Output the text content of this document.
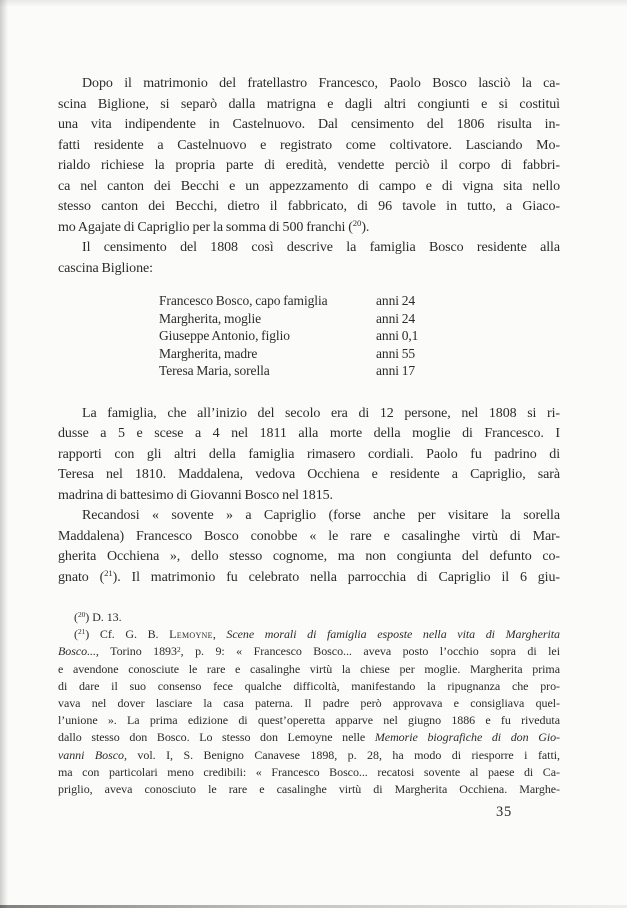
Dopo il matrimonio del fratellastro Francesco, Paolo Bosco lasciò la ca-
scina Biglione, si separò dalla matrigna e dagli altri congiunti e si costituì
una vita indipendente in Castelnuovo. Dal censimento del 1806 risulta in-
fatti residente a Castelnuovo e registrato come coltivatore. Lasciando Mo-
rialdo richiese la propria parte di eredità, vendette perciò il corpo di fabbri-
ca nel canton dei Becchi e un appezzamento di campo e di vigna sita nello
stesso canton dei Becchi, dietro il fabbricato, di 96 tavole in tutto, a Giaco-
mo Agajate di Capriglio per la somma di 500 franchi ($^{20}$).
Il censimento del 1808 così descrive la famiglia Bosco residente alla
cascina Biglione:
Francesco Bosco, capo famiglia	anni 24
Margherita, moglie	anni 24
Giuseppe Antonio, figlio	anni 0,1
Margherita, madre	anni 55
Teresa Maria, sorella	anni 17
La famiglia, che all’inizio del secolo era di 12 persone, nel 1808 si ri-
dusse a 5 e scese a 4 nel 1811 alla morte della moglie di Francesco. I
rapporti con gli altri della famiglia rimasero cordiali. Paolo fu padrino di
Teresa nel 1810. Maddalena, vedova Occhiena e residente a Capriglio, sarà
madrina di battesimo di Giovanni Bosco nel 1815.
Recandosi « sovente » a Capriglio (forse anche per visitare la sorella
Maddalena) Francesco Bosco conobbe « le rare e casalinghe virtù di Mar-
gherita Occhiena », dello stesso cognome, ma non congiunta del defunto co-
gnato ($^{21}$). Il matrimonio fu celebrato nella parrocchia di Capriglio il 6 giu-
($^{20}$) D. 13.
($^{21}$) Cf. G. B. Lemoyne, Scene morali di famiglia esposte nella vita di Margherita
Bosco..., Torino 1893$^2$, p. 9: « Francesco Bosco... aveva posto l’occhio sopra di lei
e avendone conosciute le rare e casalinghe virtù la chiese per moglie. Margherita prima
di dare il suo consenso fece qualche difficoltà, manifestando la ripugnanza che pro-
vava nel dover lasciare la casa paterna. Il padre però approvava e consigliava quel-
l’unione ». La prima edizione di quest’operetta apparve nel giugno 1886 e fu riveduta
dallo stesso don Bosco. Lo stesso don Lemoyne nelle Memorie biografiche di don Gio-
vanni Bosco, vol. I, S. Benigno Canavese 1898, p. 28, ha modo di riesporre i fatti,
ma con particolari meno credibili: « Francesco Bosco... recatosi sovente al paese di Ca-
priglio, aveva conosciuto le rare e casalinghe virtù di Margherita Occhiena. Marghe-
35
